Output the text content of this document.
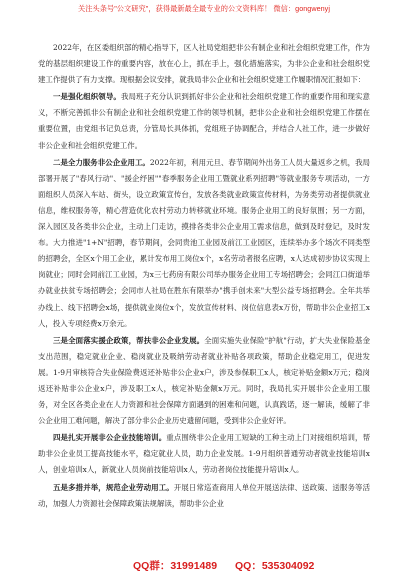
关注头条号"公文研究"，获得最新最全最专业的公文资料库！ 微信：gongwenyj

2022年，在区委组织部的精心指导下，区人社局党组把非公有制企业和社会组织党建工作，作为党的基层组织建设工作的重要内容，放在心上，抓在手上，强化措施落实，为非公企业和社会组织党建工作提供了有力支撑。现根据会议安排，就我局非公企业和社会组织党建工作履职情况汇报如下：

一是强化组织领导。我局班子充分认识到抓好非公企业和社会组织党建工作的重要作用和现实意义，不断完善抓非公有制企业和社会组织党建工作的领导机制，把非公企业和社会组织党建工作摆在重要位置，由党组书记负总责，分管局长具体抓，党组班子协调配合，并结合人社工作，进一步做好非公企业和社会组织党建工作。

二是全力服务非公企业用工。2022年初，利用元旦、春节期间外出务工人员大量返乡之机，我局部署开展了"春风行动"、"援企纾困""春季服务企业用工暨就业系列招聘"等就业服务专项活动，一方面组织人员深入车站、街头，设立政策宣传台，发放各类就业政策宣传材料，为务类劳动者提供就业信息，维权服务等，精心营造优化农村劳动力转移就业环境。服务企业用工的良好氛围；另一方面，深入园区及各类非公企业，主动上门走访，摸排各类非公企业用工需求信息，做到及时登记，及时发布。大力推进"1+N"招聘，春节期间，会同贵池工业园及前江工业园区，连续举办多个场次不同类型的招聘会，全区x个用工企业，累计发布用工岗位x个，x名劳动者报名应聘，x人达成初步协议实现上岗就业；同时会同前江工业园，为x三七药房有限公司举办服务企业用工专场招聘会；会同江口街道举办就业扶贫专场招聘会；会同市人社局在胜东有限举办"携手创未来"大型公益专场招聘会。全年共举办线上、线下招聘会x场，提供就业岗位x个，发放宣传材料、岗位信息表x万份，帮助非公企业招工x人，投入专项经费x万余元。

三是全面落实援企政策，帮扶非公企业发展。全面实施失业保险"护航"行动，扩大失业保险基金支出范围，稳定就业企业、稳岗就业及吸纳劳动者就业补贴各项政策，帮助企业稳定用工，促进发展。1-9月审核符合失业保险费返还补贴非公企业x户，涉及参保职工x人，核定补贴金额x万元；稳岗返还补贴非公企业x户，涉及职工x人，核定补贴金额x万元。同时，我局扎实开展非公企业用工服务，对全区各类企业在人力资源和社会保障方面遇到的困难和问题，认真践诺，逐一解读，缓解了非公企业用工难问题，解决了部分非公企业历史遗留问题，受到非公企业好评。

四是扎实开展非公企业技能培训。重点围绕非公企业用工短缺的工种主动上门对接组织培训，帮助非公企业员工提高技能水平，稳定就业人员，助力企业发展。1-9月组织普通劳动者就业技能培训x人，创业培训x人，新就业人员岗前技能培训x人，劳动者岗位技能提升培训x人。

五是多措并举，规范企业劳动用工。开展日常巡查商用人单位开展送法律、送政策、送服务等活动，加强人力资源社会保障政策法规解读，帮助非公企业

QQ群：31991489 QQ：535304092
